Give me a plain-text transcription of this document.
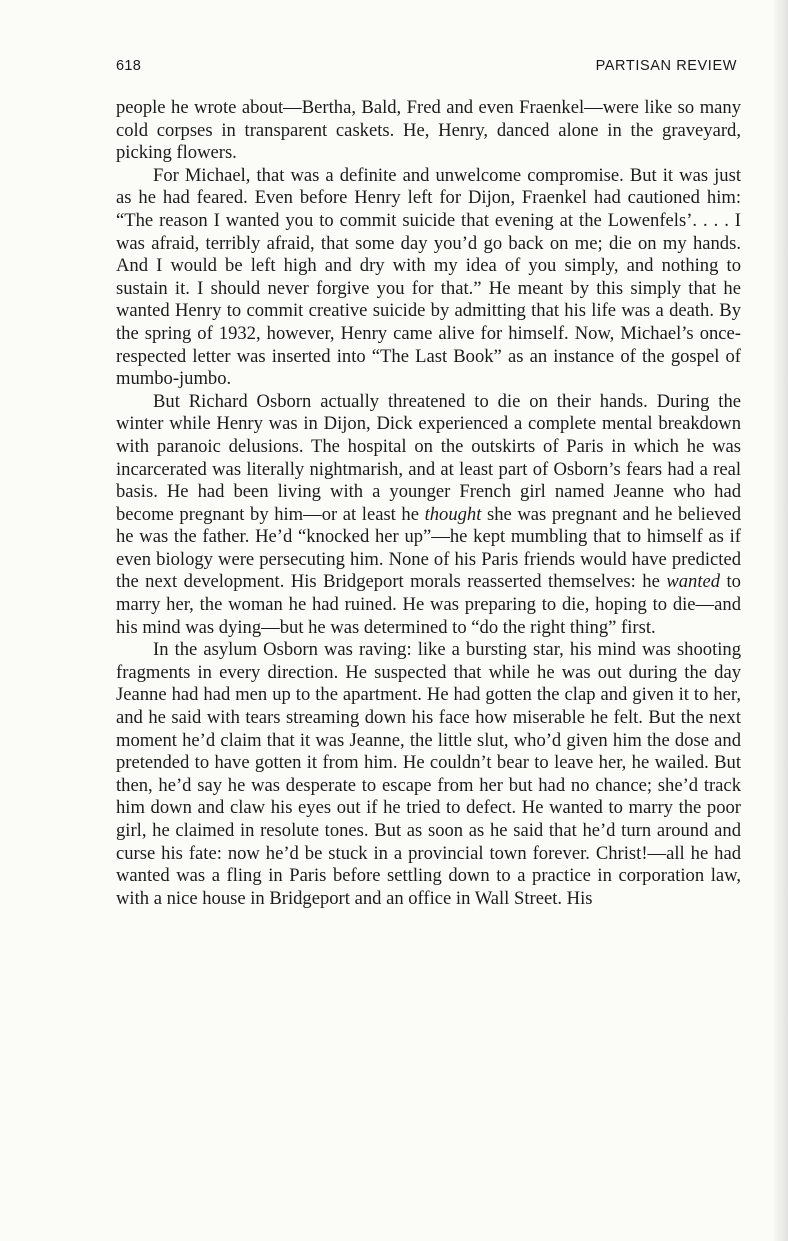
618	PARTISAN REVIEW

people he wrote about—Bertha, Bald, Fred and even Fraenkel—were like so many cold corpses in transparent caskets. He, Henry, danced alone in the graveyard, picking flowers.

For Michael, that was a definite and unwelcome compromise. But it was just as he had feared. Even before Henry left for Dijon, Fraenkel had cautioned him: “The reason I wanted you to commit suicide that evening at the Lowenfels’. . . . I was afraid, terribly afraid, that some day you’d go back on me; die on my hands. And I would be left high and dry with my idea of you simply, and nothing to sustain it. I should never forgive you for that.” He meant by this simply that he wanted Henry to commit creative suicide by admitting that his life was a death. By the spring of 1932, however, Henry came alive for himself. Now, Michael’s once-respected letter was inserted into “The Last Book” as an instance of the gospel of mumbo-jumbo.

But Richard Osborn actually threatened to die on their hands. During the winter while Henry was in Dijon, Dick experienced a complete mental breakdown with paranoic delusions. The hospital on the outskirts of Paris in which he was incarcerated was literally nightmarish, and at least part of Osborn’s fears had a real basis. He had been living with a younger French girl named Jeanne who had become pregnant by him—or at least he thought she was pregnant and he believed he was the father. He’d “knocked her up”—he kept mumbling that to himself as if even biology were persecuting him. None of his Paris friends would have predicted the next development. His Bridgeport morals reasserted themselves: he wanted to marry her, the woman he had ruined. He was preparing to die, hoping to die—and his mind was dying—but he was determined to “do the right thing” first.

In the asylum Osborn was raving: like a bursting star, his mind was shooting fragments in every direction. He suspected that while he was out during the day Jeanne had had men up to the apartment. He had gotten the clap and given it to her, and he said with tears streaming down his face how miserable he felt. But the next moment he’d claim that it was Jeanne, the little slut, who’d given him the dose and pretended to have gotten it from him. He couldn’t bear to leave her, he wailed. But then, he’d say he was desperate to escape from her but had no chance; she’d track him down and claw his eyes out if he tried to defect. He wanted to marry the poor girl, he claimed in resolute tones. But as soon as he said that he’d turn around and curse his fate: now he’d be stuck in a provincial town forever. Christ!—all he had wanted was a fling in Paris before settling down to a practice in corporation law, with a nice house in Bridgeport and an office in Wall Street. His
